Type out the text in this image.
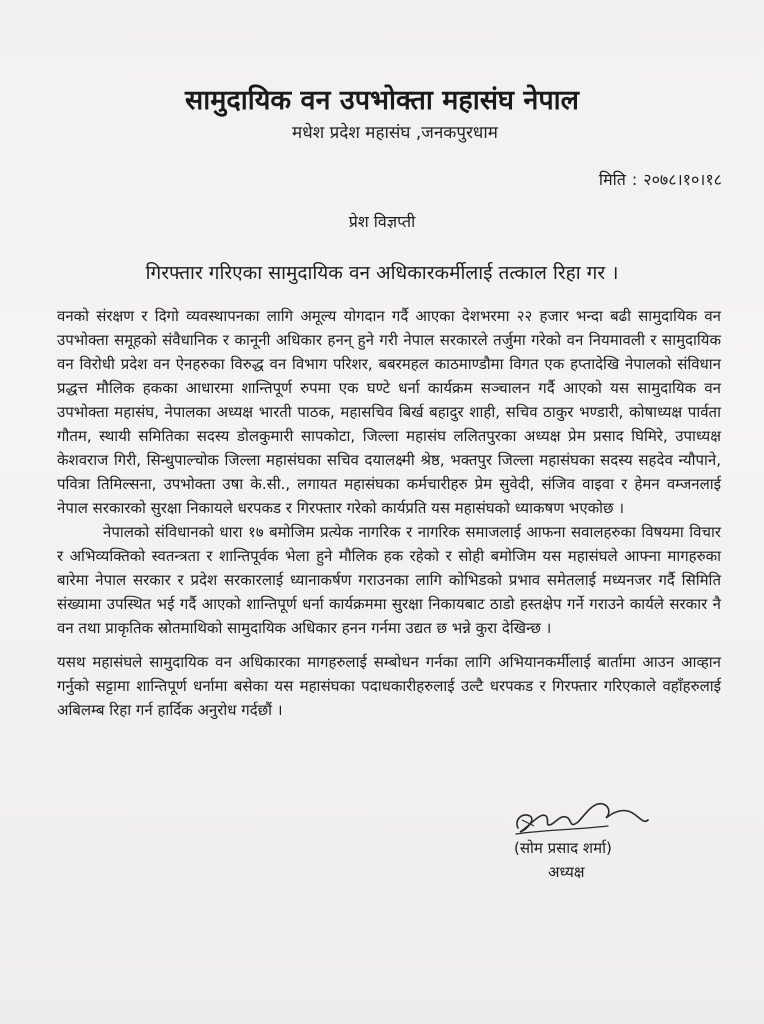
सामुदायिक वन उपभोक्ता महासंघ नेपाल
मधेश प्रदेश महासंघ ,जनकपुरधाम
मिति : २०७८।१०।१८
प्रेश विज्ञप्ती
गिरफ्तार गरिएका सामुदायिक वन अधिकारकर्मीलाई तत्काल रिहा गर ।

वनको संरक्षण र दिगो व्यवस्थापनका लागि अमूल्य योगदान गर्दै आएका देशभरमा २२ हजार भन्दा बढी सामुदायिक वन उपभोक्ता समूहको संवैधानिक र कानूनी अधिकार हनन् हुने गरी नेपाल सरकारले तर्जुमा गरेको वन नियमावली र सामुदायिक वन विरोधी प्रदेश वन ऐनहरुका विरुद्ध वन विभाग परिशर, बबरमहल काठमाण्डौमा विगत एक हप्तादेखि नेपालको संविधान प्रद्धत्त मौलिक हकका आधारमा शान्तिपूर्ण रुपमा एक घण्टे धर्ना कार्यक्रम सञ्चालन गर्दै आएको यस सामुदायिक वन उपभोक्ता महासंघ, नेपालका अध्यक्ष भारती पाठक, महासचिव बिर्ख बहादुर शाही, सचिव ठाकुर भण्डारी, कोषाध्यक्ष पार्वता गौतम, स्थायी समितिका सदस्य डोलकुमारी सापकोटा, जिल्ला महासंघ ललितपुरका अध्यक्ष प्रेम प्रसाद घिमिरे, उपाध्यक्ष केशवराज गिरी, सिन्धुपाल्चोक जिल्ला महासंघका सचिव दयालक्ष्मी श्रेष्ठ, भक्तपुर जिल्ला महासंघका सदस्य सहदेव न्यौपाने, पवित्रा तिमिल्सना, उपभोक्ता उषा के.सी., लगायत महासंघका कर्मचारीहरु प्रेम सुवेदी, संजिव वाइवा र हेमन वम्जनलाई नेपाल सरकारको सुरक्षा निकायले धरपकड र गिरफ्तार गरेको कार्यप्रति यस महासंघको ध्याकषण भएकोछ ।

नेपालको संविधानको धारा १७ बमोजिम प्रत्येक नागरिक र नागरिक समाजलाई आफना सवालहरुका विषयमा विचार र अभिव्यक्तिको स्वतन्त्रता र शान्तिपूर्वक भेला हुने मौलिक हक रहेको र सोही बमोजिम यस महासंघले आफ्ना मागहरुका बारेमा नेपाल सरकार र प्रदेश सरकारलाई ध्यानाकर्षण गराउनका लागि कोभिडको प्रभाव समेतलाई मध्यनजर गर्दै सिमिति संख्यामा उपस्थित भई गर्दै आएको शान्तिपूर्ण धर्ना कार्यक्रममा सुरक्षा निकायबाट ठाडो हस्तक्षेप गर्ने गराउने कार्यले सरकार नै वन तथा प्राकृतिक स्रोतमाथिको सामुदायिक अधिकार हनन गर्नमा उद्यत छ भन्ने कुरा देखिन्छ ।

यसथ महासंघले सामुदायिक वन अधिकारका मागहरुलाई सम्बोधन गर्नका लागि अभियानकर्मीलाई बार्तामा आउन आव्हान गर्नुको सट्टामा शान्तिपूर्ण धर्नामा बसेका यस महासंघका पदाधकारीहरुलाई उल्टै धरपकड र गिरफ्तार गरिएकाले वहाँहरुलाई अबिलम्ब रिहा गर्न हार्दिक अनुरोध गर्दछौं ।

(सोम प्रसाद शर्मा)
अध्यक्ष
